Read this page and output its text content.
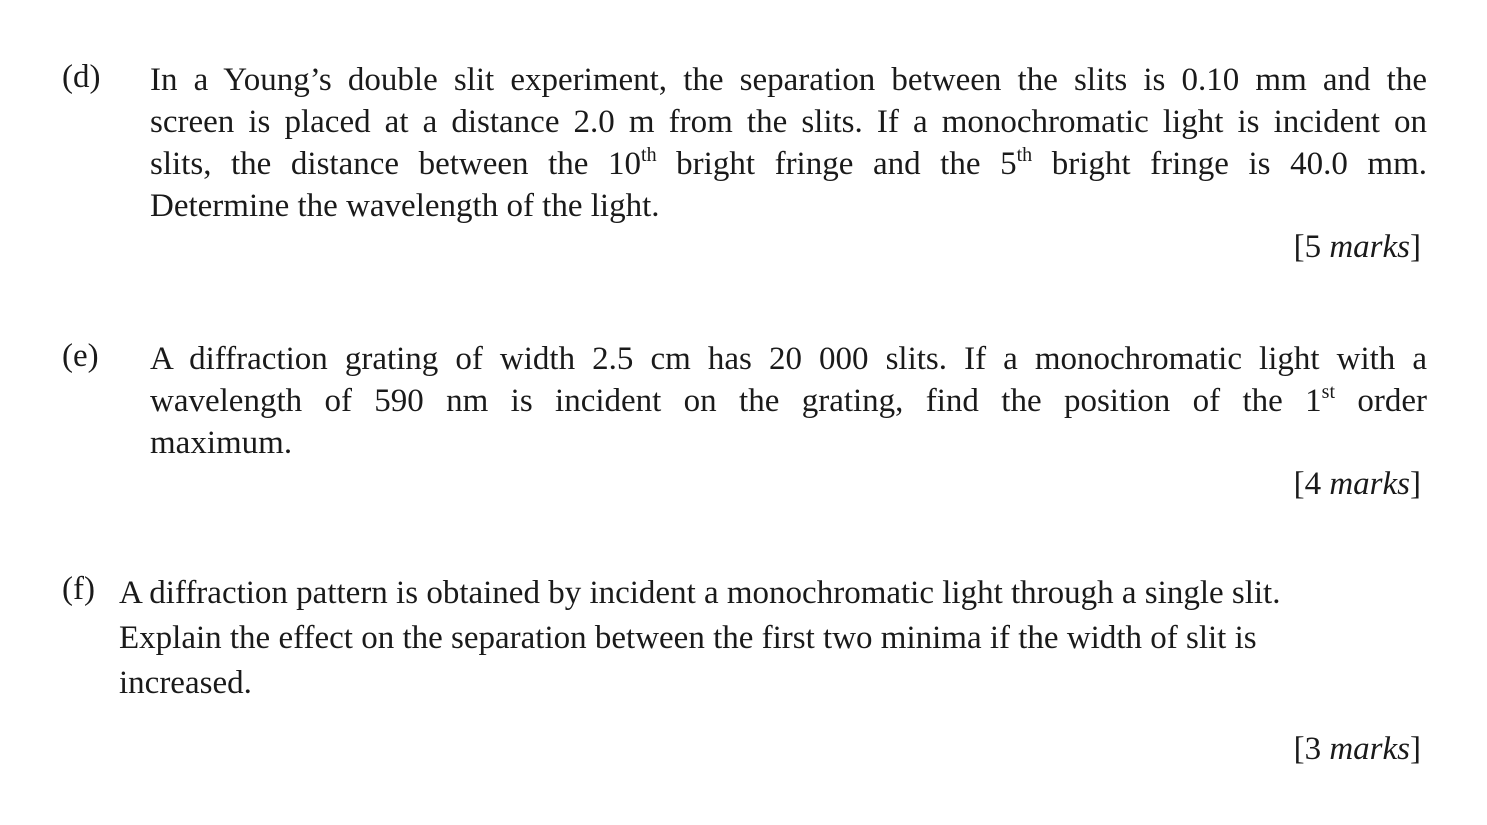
(d) In a Young’s double slit experiment, the separation between the slits is 0.10 mm and the
screen is placed at a distance 2.0 m from the slits. If a monochromatic light is incident on
slits, the distance between the 10th bright fringe and the 5th bright fringe is 40.0 mm.
Determine the wavelength of the light.
[5 marks]
(e) A diffraction grating of width 2.5 cm has 20 000 slits. If a monochromatic light with a
wavelength of 590 nm is incident on the grating, find the position of the 1st order
maximum.
[4 marks]
(f) A diffraction pattern is obtained by incident a monochromatic light through a single slit.
Explain the effect on the separation between the first two minima if the width of slit is
increased.
[3 marks]
